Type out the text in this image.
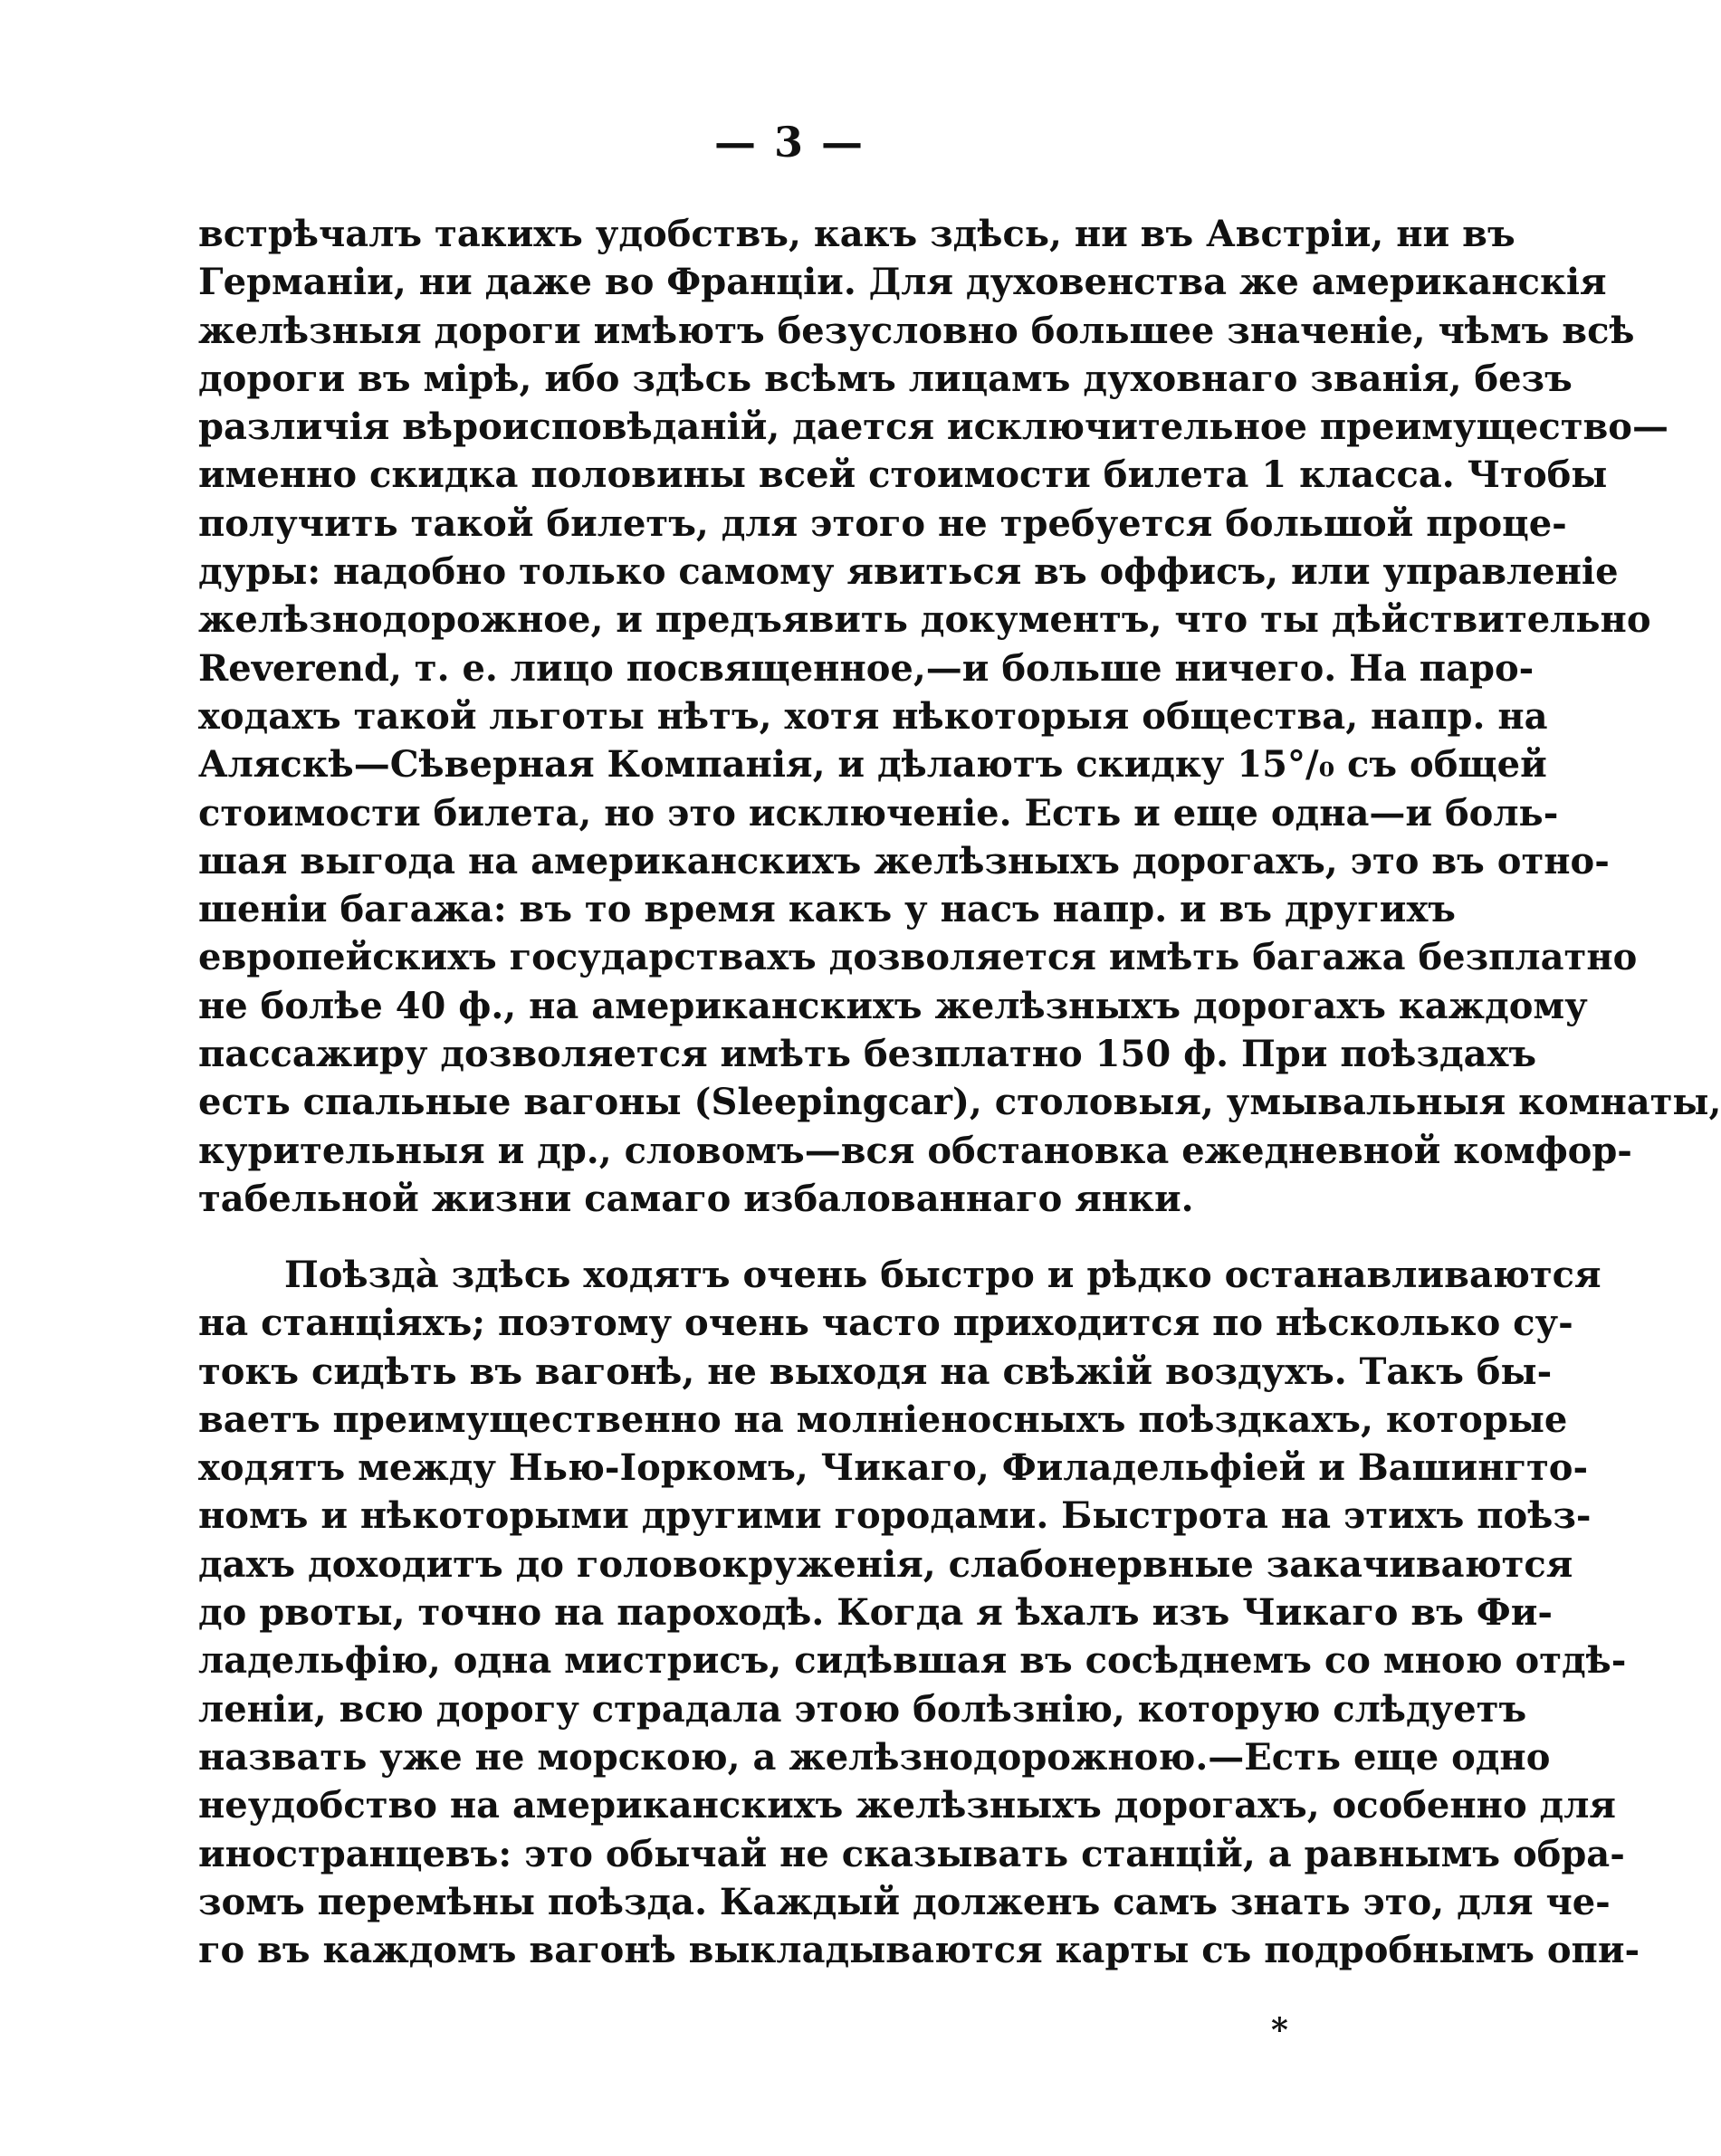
— 3 —
встрѣчалъ такихъ удобствъ, какъ здѣсь, ни въ Австріи, ни въ
Германіи, ни даже во Франціи. Для духовенства же американскія
желѣзныя дороги имѣютъ безусловно большее значеніе, чѣмъ всѣ
дороги въ мірѣ, ибо здѣсь всѣмъ лицамъ духовнаго званія, безъ
различія вѣроисповѣданій, дается исключительное преимущество—
именно скидка половины всей стоимости билета 1 класса. Чтобы
получить такой билетъ, для этого не требуется большой проце-
дуры: надобно только самому явиться въ оффисъ, или управленіе
желѣзнодорожное, и предъявить документъ, что ты дѣйствительно
Reverend, т. е. лицо посвященное,—и больше ничего. На паро-
ходахъ такой льготы нѣтъ, хотя нѣкоторыя общества, напр. на
Аляскѣ—Сѣверная Компанія, и дѣлаютъ скидку 15°/₀ съ общей
стоимости билета, но это исключеніе. Есть и еще одна—и боль-
шая выгода на американскихъ желѣзныхъ дорогахъ, это въ отно-
шеніи багажа: въ то время какъ у насъ напр. и въ другихъ
европейскихъ государствахъ дозволяется имѣть багажа безплатно
не болѣе 40 ф., на американскихъ желѣзныхъ дорогахъ каждому
пассажиру дозволяется имѣть безплатно 150 ф. При поѣздахъ
есть спальные вагоны (Sleepingcar), столовыя, умывальныя комнаты,
курительныя и др., словомъ—вся обстановка ежедневной комфор-
табельной жизни самаго избалованнаго янки.
Поѣздà здѣсь ходятъ очень быстро и рѣдко останавливаются
на станціяхъ; поэтому очень часто приходится по нѣсколько су-
токъ сидѣть въ вагонѣ, не выходя на свѣжій воздухъ. Такъ бы-
ваетъ преимущественно на молніеносныхъ поѣздкахъ, которые
ходятъ между Нью-Іоркомъ, Чикаго, Филадельфіей и Вашингто-
номъ и нѣкоторыми другими городами. Быстрота на этихъ поѣз-
дахъ доходитъ до головокруженія, слабонервные закачиваются
до рвоты, точно на пароходѣ. Когда я ѣхалъ изъ Чикаго въ Фи-
ладельфію, одна мистрисъ, сидѣвшая въ сосѣднемъ со мною отдѣ-
леніи, всю дорогу страдала этою болѣзнію, которую слѣдуетъ
назвать уже не морскою, а желѣзнодорожною.—Есть еще одно
неудобство на американскихъ желѣзныхъ дорогахъ, особенно для
иностранцевъ: это обычай не сказывать станцій, а равнымъ обра-
зомъ перемѣны поѣзда. Каждый долженъ самъ знать это, для че-
го въ каждомъ вагонѣ выкладываются карты съ подробнымъ опи-
*
